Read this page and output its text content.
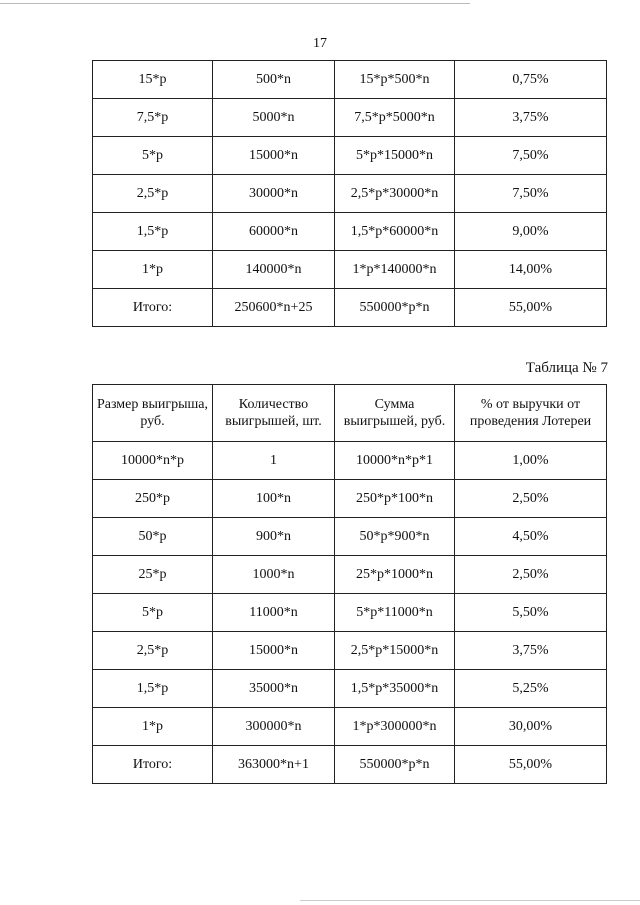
17
15*р	500*n	15*р*500*n	0,75%
7,5*р	5000*n	7,5*р*5000*n	3,75%
5*р	15000*n	5*р*15000*n	7,50%
2,5*р	30000*n	2,5*р*30000*n	7,50%
1,5*р	60000*n	1,5*р*60000*n	9,00%
1*р	140000*n	1*р*140000*n	14,00%
Итого:	250600*n+25	550000*р*n	55,00%
Таблица № 7
Размер выигрыша, руб.	Количество выигрышей, шт.	Сумма выигрышей, руб.	% от выручки от проведения Лотереи
10000*n*р	1	10000*n*р*1	1,00%
250*р	100*n	250*р*100*n	2,50%
50*р	900*n	50*р*900*n	4,50%
25*р	1000*n	25*р*1000*n	2,50%
5*р	11000*n	5*р*11000*n	5,50%
2,5*р	15000*n	2,5*р*15000*n	3,75%
1,5*р	35000*n	1,5*р*35000*n	5,25%
1*р	300000*n	1*р*300000*n	30,00%
Итого:	363000*n+1	550000*р*n	55,00%
